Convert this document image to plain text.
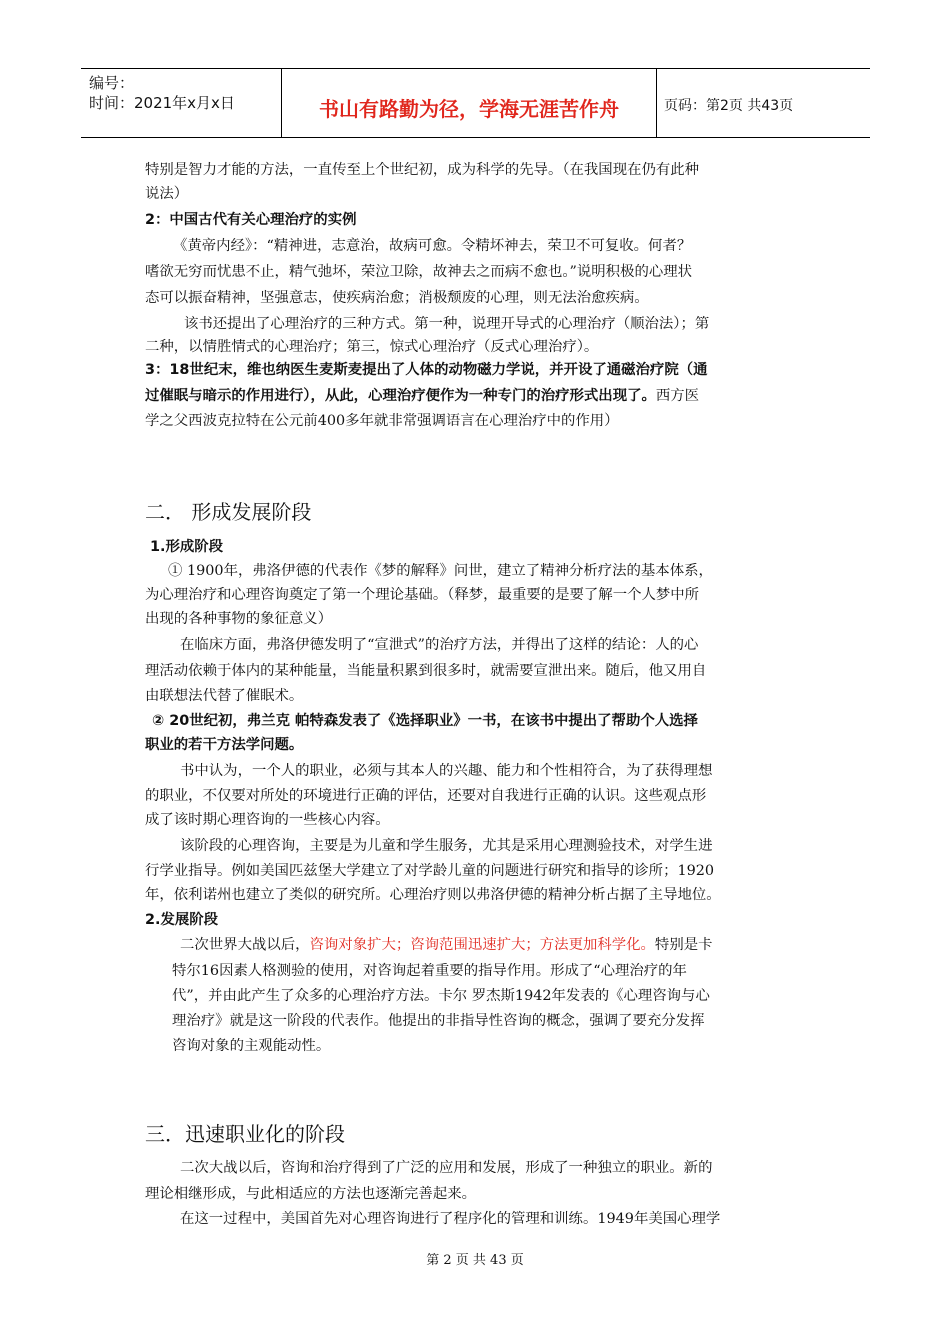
编号：
时间：2021年x月x日	书山有路勤为径，学海无涯苦作舟	页码：第2页 共43页
特别是智力才能的方法，一直传至上个世纪初，成为科学的先导。（在我国现在仍有此种
说法）
2：中国古代有关心理治疗的实例
《黄帝内经》：“精神进，志意治，故病可愈。令精坏神去，荣卫不可复收。何者？
嗜欲无穷而忧患不止，精气弛坏，荣泣卫除，故神去之而病不愈也。”说明积极的心理状
态可以振奋精神，坚强意志，使疾病治愈；消极颓废的心理，则无法治愈疾病。
该书还提出了心理治疗的三种方式。第一种，说理开导式的心理治疗（顺治法）；第
二种，以情胜情式的心理治疗；第三，惊式心理治疗（反式心理治疗）。
3：18世纪末，维也纳医生麦斯麦提出了人体的动物磁力学说，并开设了通磁治疗院（通
过催眠与暗示的作用进行），从此，心理治疗便作为一种专门的治疗形式出现了。西方医
学之父西波克拉特在公元前400多年就非常强调语言在心理治疗中的作用）
二． 形成发展阶段
1.形成阶段
① 1900年，弗洛伊德的代表作《梦的解释》问世，建立了精神分析疗法的基本体系，
为心理治疗和心理咨询奠定了第一个理论基础。（释梦，最重要的是要了解一个人梦中所
出现的各种事物的象征意义）
在临床方面，弗洛伊德发明了“宣泄式”的治疗方法，并得出了这样的结论：人的心
理活动依赖于体内的某种能量，当能量积累到很多时，就需要宣泄出来。随后，他又用自
由联想法代替了催眠术。
② 20世纪初，弗兰克 帕特森发表了《选择职业》一书，在该书中提出了帮助个人选择
职业的若干方法学问题。
书中认为，一个人的职业，必须与其本人的兴趣、能力和个性相符合，为了获得理想
的职业，不仅要对所处的环境进行正确的评估，还要对自我进行正确的认识。这些观点形
成了该时期心理咨询的一些核心内容。
该阶段的心理咨询，主要是为儿童和学生服务，尤其是采用心理测验技术，对学生进
行学业指导。例如美国匹兹堡大学建立了对学龄儿童的问题进行研究和指导的诊所；1920
年，依利诺州也建立了类似的研究所。心理治疗则以弗洛伊德的精神分析占据了主导地位。
2.发展阶段
二次世界大战以后，咨询对象扩大；咨询范围迅速扩大；方法更加科学化。特别是卡
特尔16因素人格测验的使用，对咨询起着重要的指导作用。形成了“心理治疗的年
代”，并由此产生了众多的心理治疗方法。卡尔 罗杰斯1942年发表的《心理咨询与心
理治疗》就是这一阶段的代表作。他提出的非指导性咨询的概念，强调了要充分发挥
咨询对象的主观能动性。
三．迅速职业化的阶段
二次大战以后，咨询和治疗得到了广泛的应用和发展，形成了一种独立的职业。新的
理论相继形成，与此相适应的方法也逐渐完善起来。
在这一过程中，美国首先对心理咨询进行了程序化的管理和训练。1949年美国心理学
第 2 页 共 43 页
